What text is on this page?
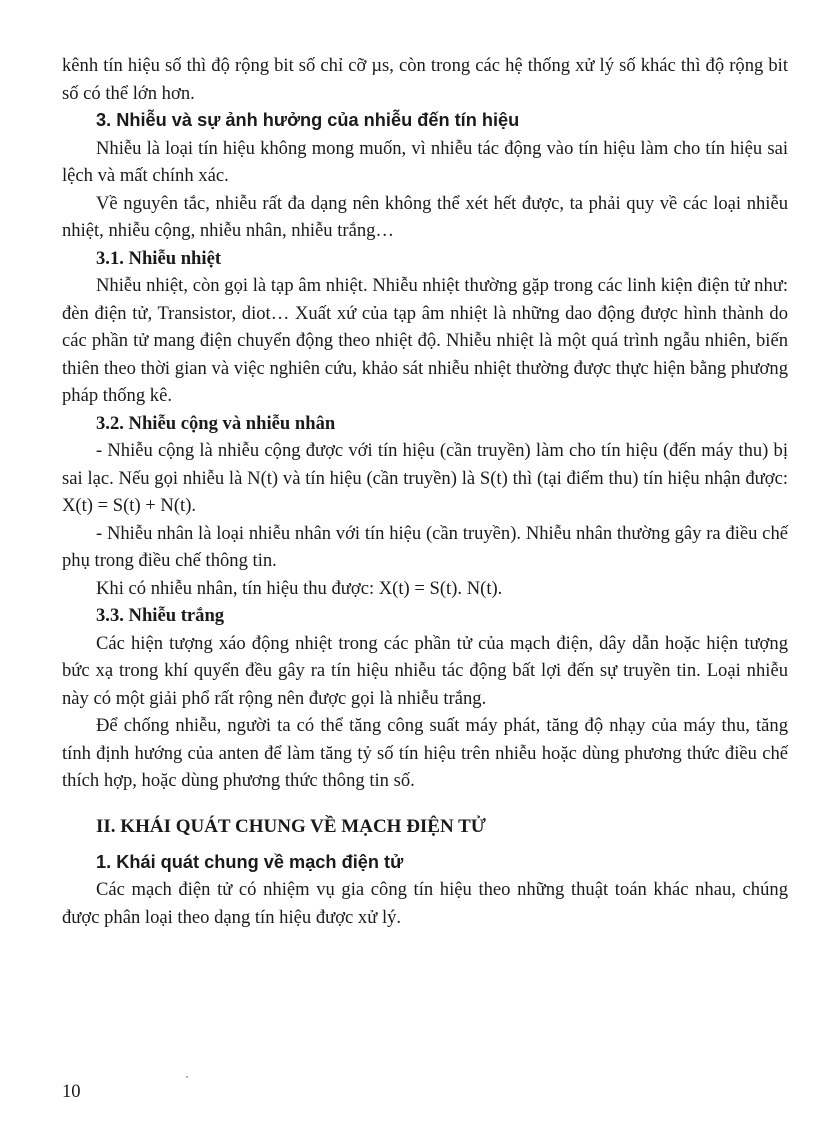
kênh tín hiệu số thì độ rộng bit số chỉ cỡ µs, còn trong các hệ thống xử lý số khác thì độ rộng bit số có thể lớn hơn.

3. Nhiễu và sự ảnh hưởng của nhiễu đến tín hiệu

Nhiễu là loại tín hiệu không mong muốn, vì nhiễu tác động vào tín hiệu làm cho tín hiệu sai lệch và mất chính xác.

Về nguyên tắc, nhiễu rất đa dạng nên không thể xét hết được, ta phải quy về các loại nhiễu nhiệt, nhiễu cộng, nhiễu nhân, nhiễu trắng…

3.1. Nhiễu nhiệt

Nhiễu nhiệt, còn gọi là tạp âm nhiệt. Nhiễu nhiệt thường gặp trong các linh kiện điện tử như: đèn điện tử, Transistor, diot… Xuất xứ của tạp âm nhiệt là những dao động được hình thành do các phần tử mang điện chuyển động theo nhiệt độ. Nhiễu nhiệt là một quá trình ngẫu nhiên, biến thiên theo thời gian và việc nghiên cứu, khảo sát nhiễu nhiệt thường được thực hiện bằng phương pháp thống kê.

3.2. Nhiễu cộng và nhiễu nhân

- Nhiễu cộng là nhiễu cộng được với tín hiệu (cần truyền) làm cho tín hiệu (đến máy thu) bị sai lạc. Nếu gọi nhiễu là N(t) và tín hiệu (cần truyền) là S(t) thì (tại điểm thu) tín hiệu nhận được: X(t) = S(t) + N(t).

- Nhiễu nhân là loại nhiễu nhân với tín hiệu (cần truyền). Nhiễu nhân thường gây ra điều chế phụ trong điều chế thông tin.

Khi có nhiễu nhân, tín hiệu thu được: X(t) = S(t). N(t).

3.3. Nhiễu trắng

Các hiện tượng xáo động nhiệt trong các phần tử của mạch điện, dây dẫn hoặc hiện tượng bức xạ trong khí quyển đều gây ra tín hiệu nhiễu tác động bất lợi đến sự truyền tin. Loại nhiễu này có một giải phổ rất rộng nên được gọi là nhiễu trắng.

Để chống nhiễu, người ta có thể tăng công suất máy phát, tăng độ nhạy của máy thu, tăng tính định hướng của anten để làm tăng tỷ số tín hiệu trên nhiễu hoặc dùng phương thức điều chế thích hợp, hoặc dùng phương thức thông tin số.

II. KHÁI QUÁT CHUNG VỀ MẠCH ĐIỆN TỬ
1. Khái quát chung về mạch điện tử

Các mạch điện tử có nhiệm vụ gia công tín hiệu theo những thuật toán khác nhau, chúng được phân loại theo dạng tín hiệu được xử lý.

10
